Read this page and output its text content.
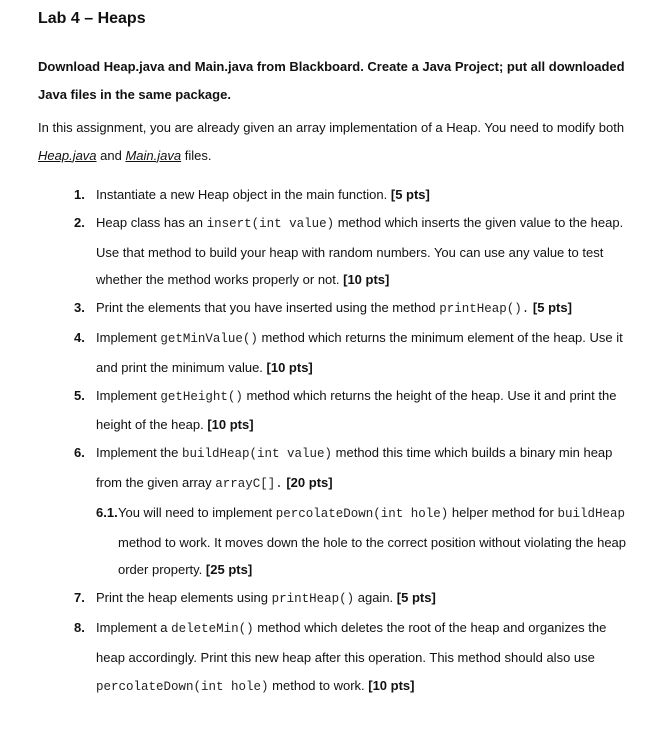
Lab 4 – Heaps

Download Heap.java and Main.java from Blackboard. Create a Java Project; put all downloaded Java files in the same package.

In this assignment, you are already given an array implementation of a Heap. You need to modify both Heap.java and Main.java files.

1. Instantiate a new Heap object in the main function. [5 pts]
2. Heap class has an insert(int value) method which inserts the given value to the heap. Use that method to build your heap with random numbers. You can use any value to test whether the method works properly or not. [10 pts]
3. Print the elements that you have inserted using the method printHeap(). [5 pts]
4. Implement getMinValue() method which returns the minimum element of the heap. Use it and print the minimum value. [10 pts]
5. Implement getHeight() method which returns the height of the heap. Use it and print the height of the heap. [10 pts]
6. Implement the buildHeap(int value) method this time which builds a binary min heap from the given array arrayC[]. [20 pts]
6.1. You will need to implement percolateDown(int hole) helper method for buildHeap method to work. It moves down the hole to the correct position without violating the heap order property. [25 pts]
7. Print the heap elements using printHeap() again. [5 pts]
8. Implement a deleteMin() method which deletes the root of the heap and organizes the heap accordingly. Print this new heap after this operation. This method should also use percolateDown(int hole) method to work. [10 pts]
